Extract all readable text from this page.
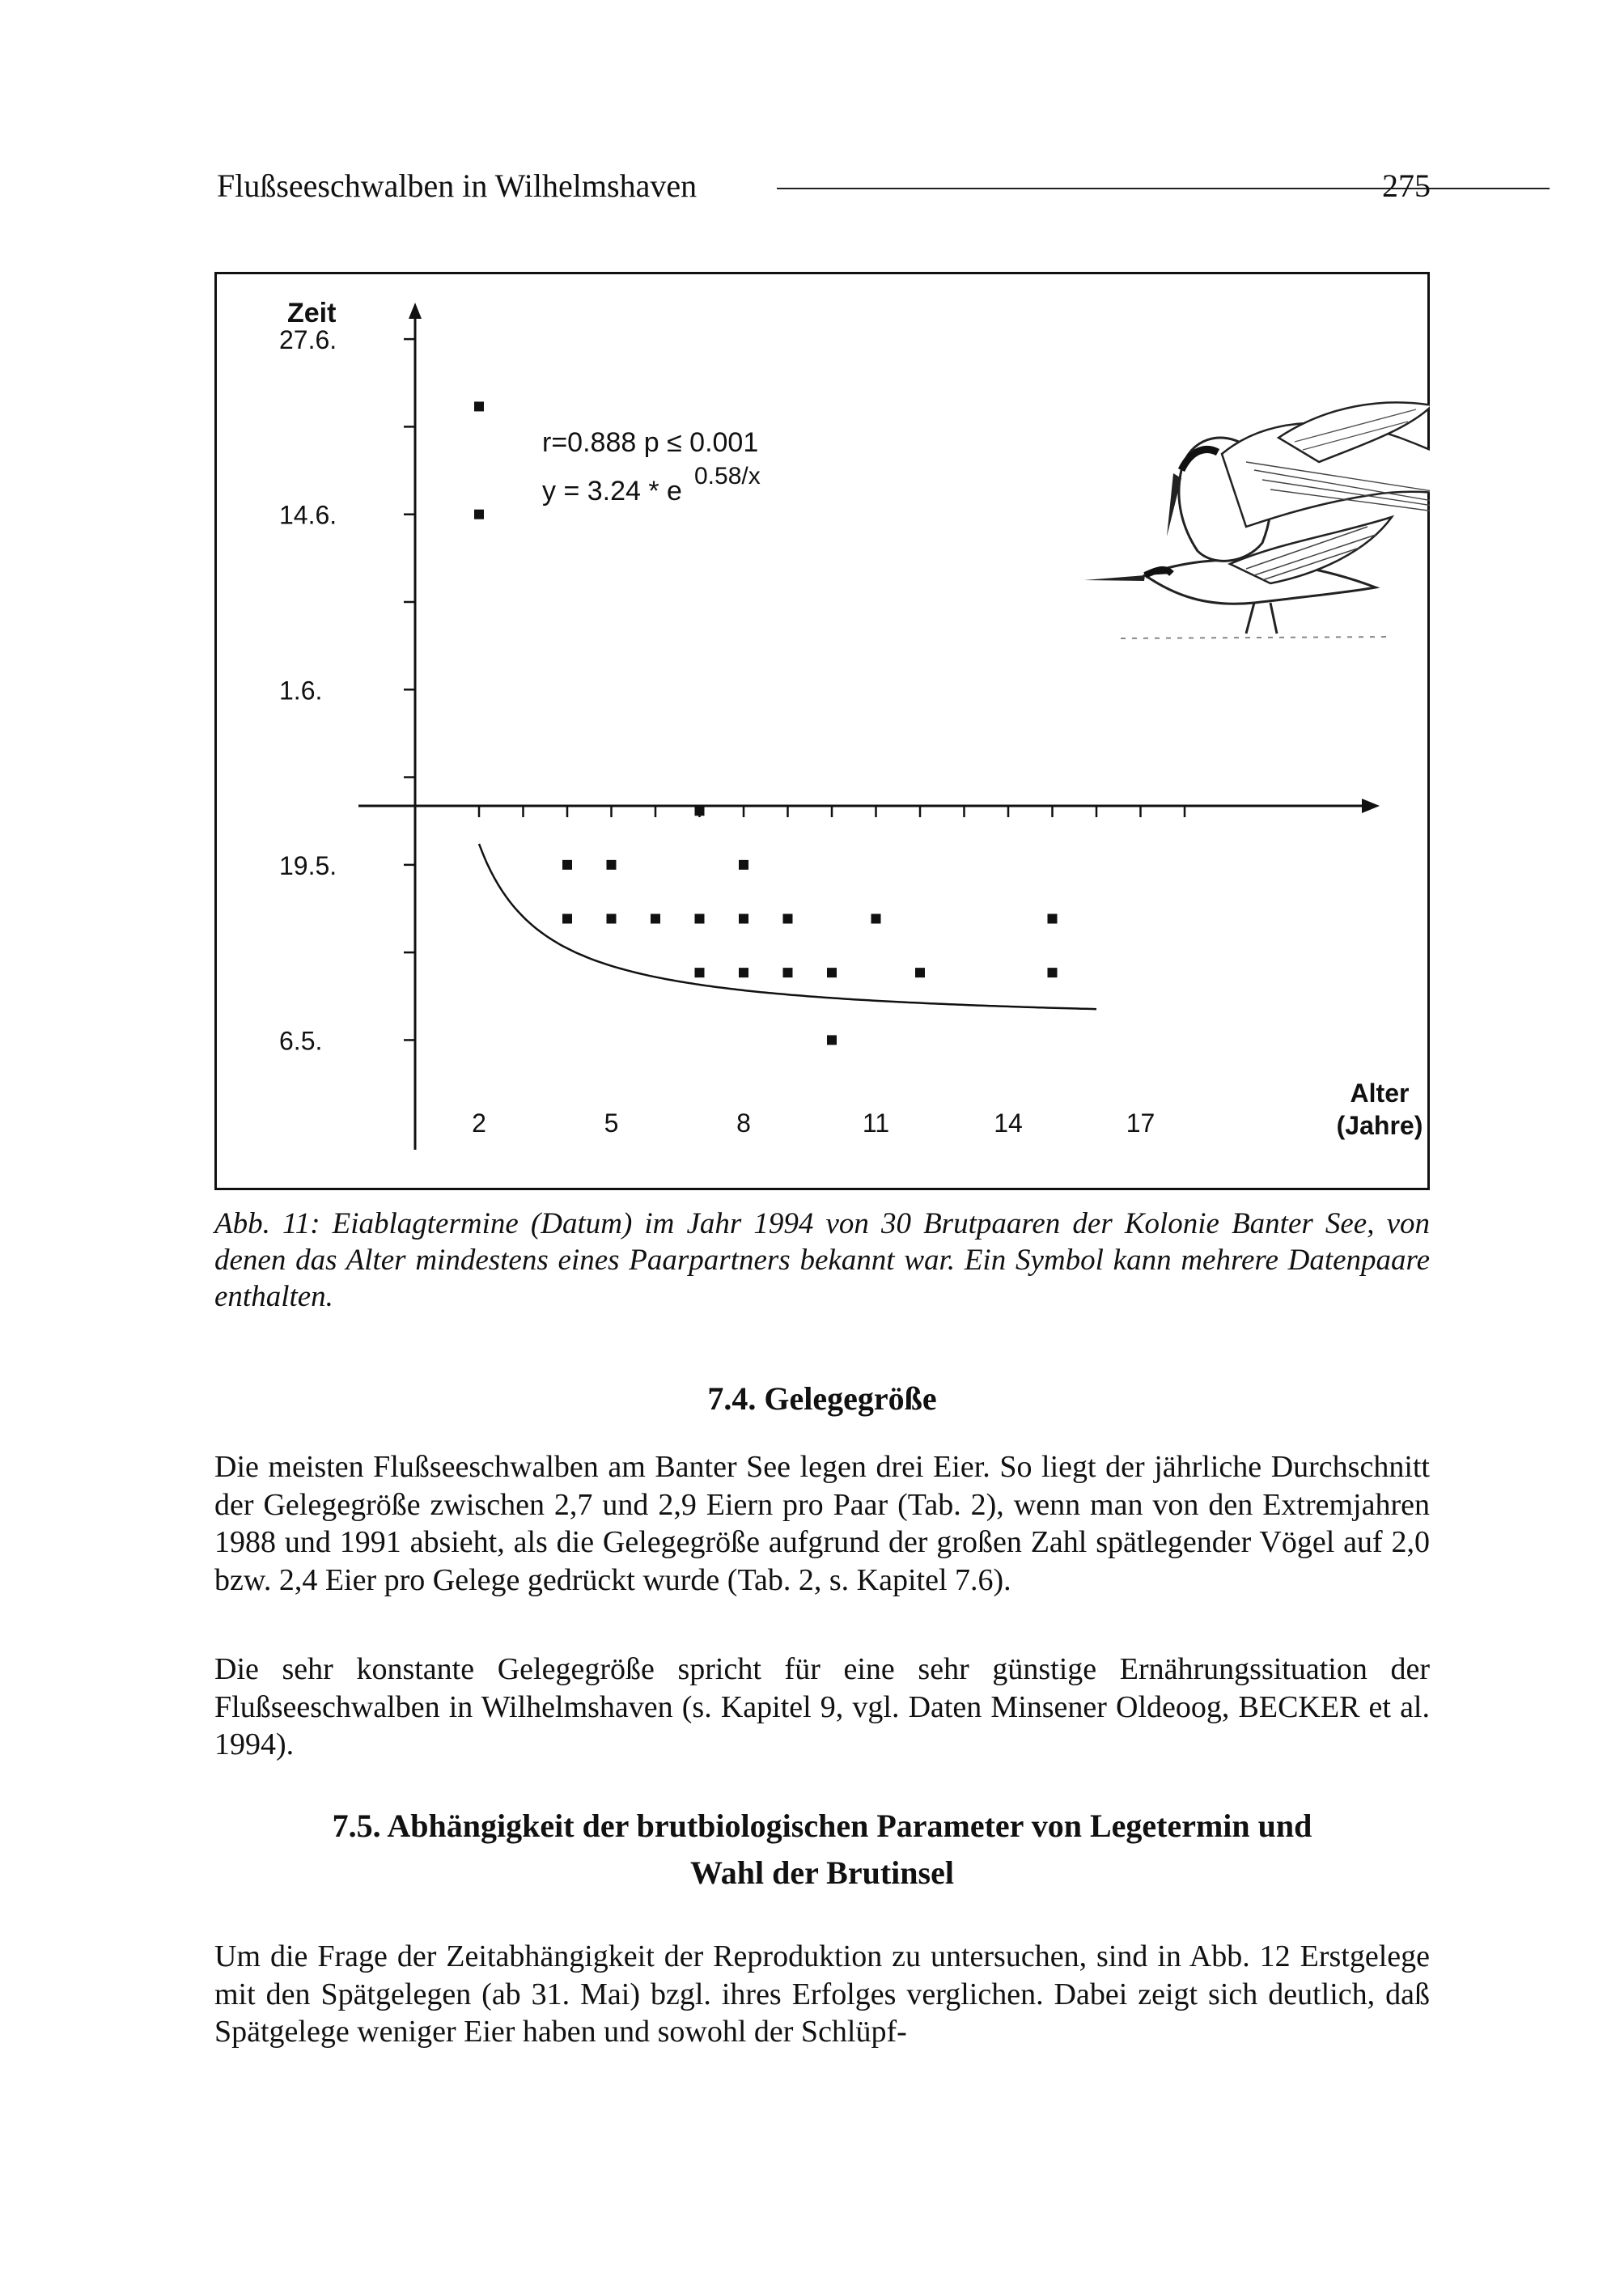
Flußseeschwalben in Wilhelmshaven	275
27.6.
14.6.
1.6.
19.5.
6.5.
2	5	8	11	14	17
Zeit
Alter
(Jahre)
r=0.888 p ≤ 0.001
y = 3.24 * e 0.58/x
Abb. 11: Eiablagtermine (Datum) im Jahr 1994 von 30 Brutpaaren der Kolonie Banter See, von denen das Alter mindestens eines Paarpartners bekannt war. Ein Symbol kann mehrere Datenpaare enthalten.
7.4. Gelegegröße
Die meisten Flußseeschwalben am Banter See legen drei Eier. So liegt der jährliche Durchschnitt der Gelegegröße zwischen 2,7 und 2,9 Eiern pro Paar (Tab. 2), wenn man von den Extremjahren 1988 und 1991 absieht, als die Gelegegröße aufgrund der großen Zahl spätlegender Vögel auf 2,0 bzw. 2,4 Eier pro Gelege gedrückt wurde (Tab. 2, s. Kapitel 7.6).
Die sehr konstante Gelegegröße spricht für eine sehr günstige Ernährungssituation der Flußseeschwalben in Wilhelmshaven (s. Kapitel 9, vgl. Daten Minsener Oldeoog, BECKER et al. 1994).
7.5. Abhängigkeit der brutbiologischen Parameter von Legetermin und
Wahl der Brutinsel
Um die Frage der Zeitabhängigkeit der Reproduktion zu untersuchen, sind in Abb. 12 Erstgelege mit den Spätgelegen (ab 31. Mai) bzgl. ihres Erfolges verglichen. Dabei zeigt sich deutlich, daß Spätgelege weniger Eier haben und sowohl der Schlüpf-
